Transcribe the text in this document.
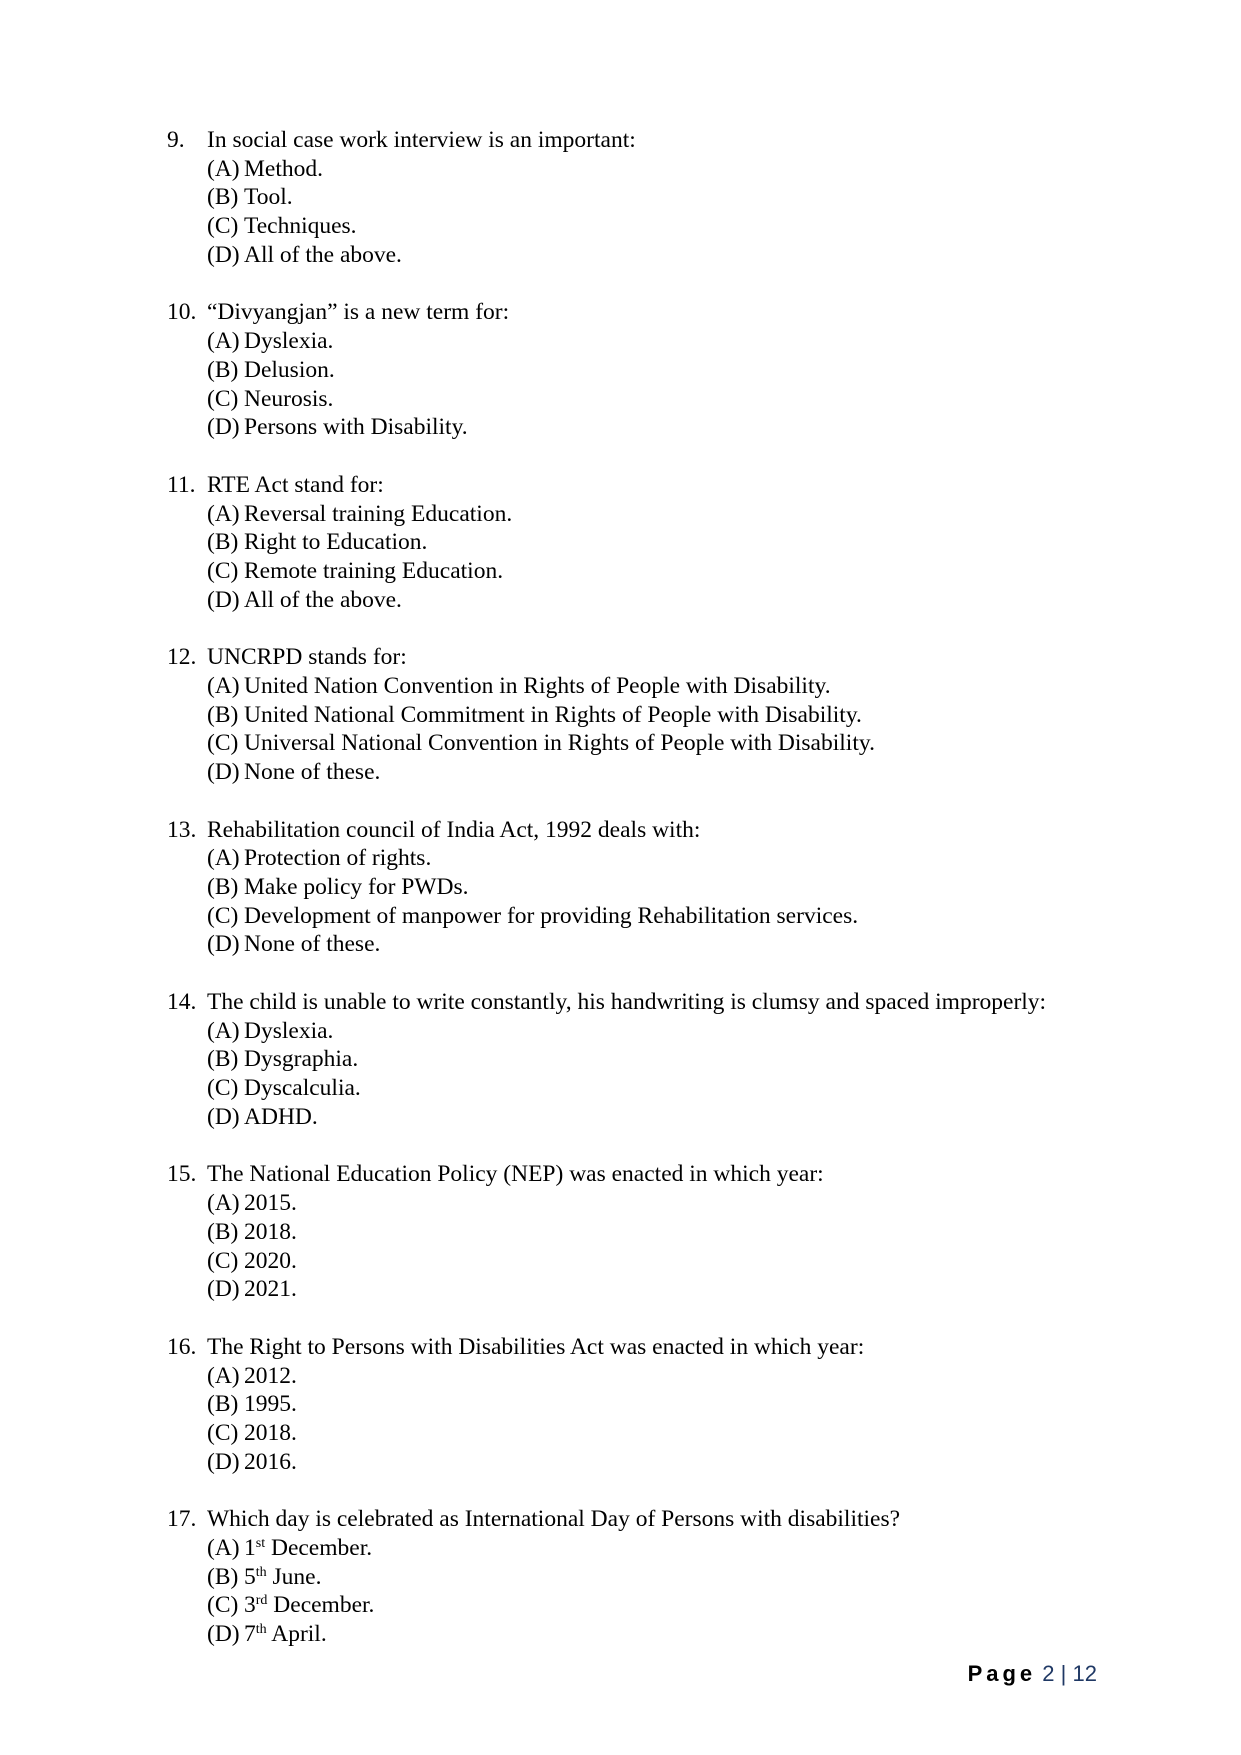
9. In social case work interview is an important:
(A) Method.
(B) Tool.
(C) Techniques.
(D) All of the above.
10. “Divyangjan” is a new term for:
(A) Dyslexia.
(B) Delusion.
(C) Neurosis.
(D) Persons with Disability.
11. RTE Act stand for:
(A) Reversal training Education.
(B) Right to Education.
(C) Remote training Education.
(D) All of the above.
12. UNCRPD stands for:
(A) United Nation Convention in Rights of People with Disability.
(B) United National Commitment in Rights of People with Disability.
(C) Universal National Convention in Rights of People with Disability.
(D) None of these.
13. Rehabilitation council of India Act, 1992 deals with:
(A) Protection of rights.
(B) Make policy for PWDs.
(C) Development of manpower for providing Rehabilitation services.
(D) None of these.
14. The child is unable to write constantly, his handwriting is clumsy and spaced improperly:
(A) Dyslexia.
(B) Dysgraphia.
(C) Dyscalculia.
(D) ADHD.
15. The National Education Policy (NEP) was enacted in which year:
(A) 2015.
(B) 2018.
(C) 2020.
(D) 2021.
16. The Right to Persons with Disabilities Act was enacted in which year:
(A) 2012.
(B) 1995.
(C) 2018.
(D) 2016.
17. Which day is celebrated as International Day of Persons with disabilities?
(A) 1st December.
(B) 5th June.
(C) 3rd December.
(D) 7th April.
Page 2 | 12
